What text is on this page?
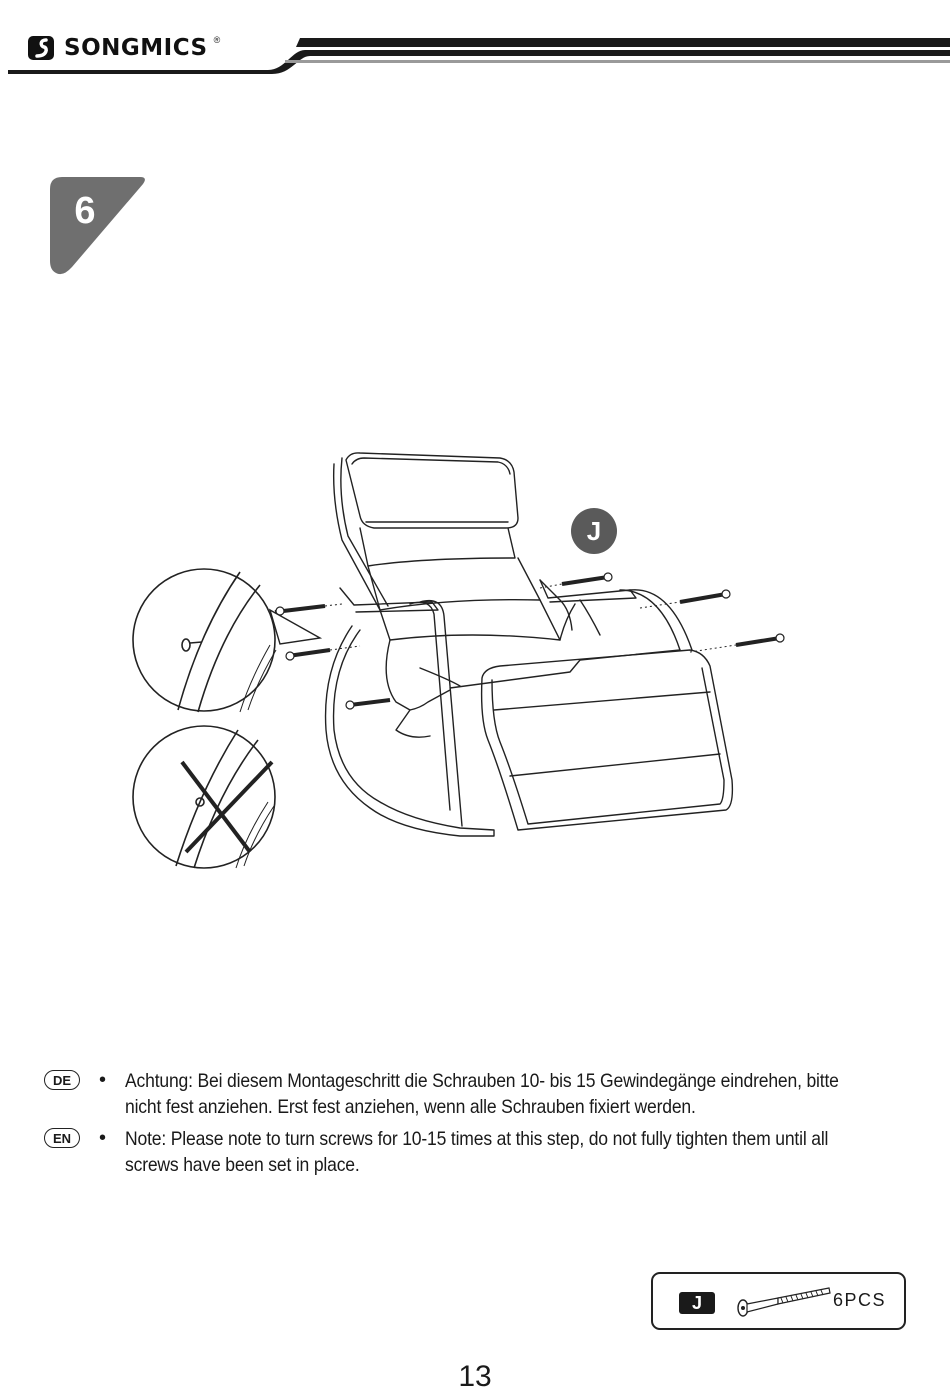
SONGMICS ®
6
J
DE	• Achtung: Bei diesem Montageschritt die Schrauben 10- bis 15 Gewindegänge eindrehen, bitte nicht fest anziehen. Erst fest anziehen, wenn alle Schrauben fixiert werden.
EN	• Note: Please note to turn screws for 10-15 times at this step, do not fully tighten them until all screws have been set in place.
J	6PCS
13
